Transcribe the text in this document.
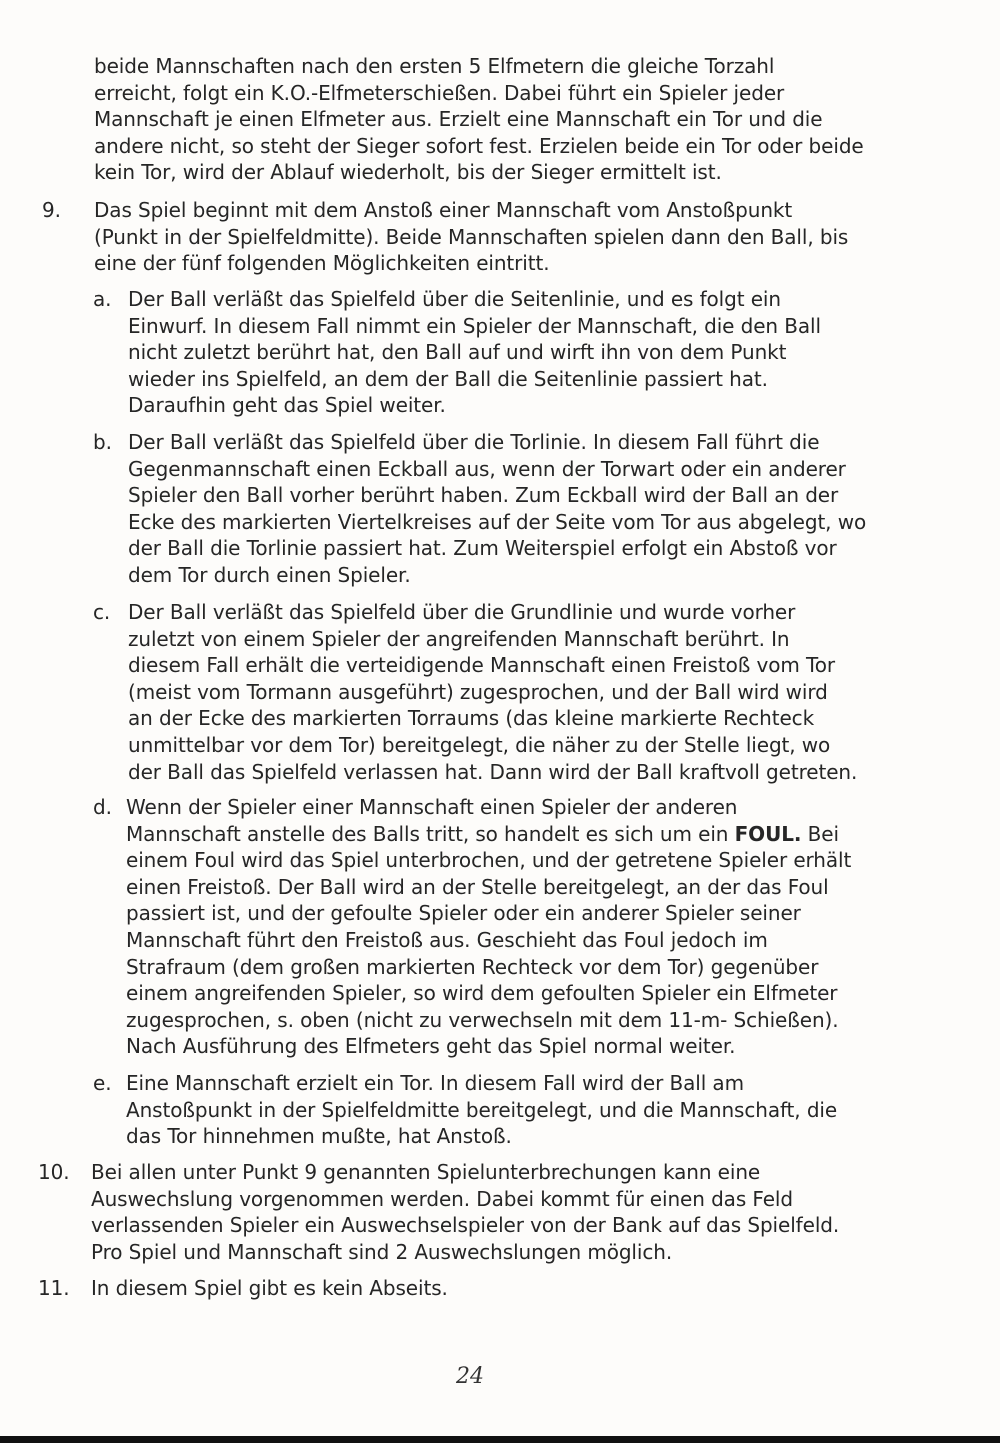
beide Mannschaften nach den ersten 5 Elfmetern die gleiche Torzahl
erreicht, folgt ein K.O.-Elfmeterschießen. Dabei führt ein Spieler jeder
Mannschaft je einen Elfmeter aus. Erzielt eine Mannschaft ein Tor und die
andere nicht, so steht der Sieger sofort fest. Erzielen beide ein Tor oder beide
kein Tor, wird der Ablauf wiederholt, bis der Sieger ermittelt ist.
9. Das Spiel beginnt mit dem Anstoß einer Mannschaft vom Anstoßpunkt
(Punkt in der Spielfeldmitte). Beide Mannschaften spielen dann den Ball, bis
eine der fünf folgenden Möglichkeiten eintritt.
a. Der Ball verläßt das Spielfeld über die Seitenlinie, und es folgt ein
Einwurf. In diesem Fall nimmt ein Spieler der Mannschaft, die den Ball
nicht zuletzt berührt hat, den Ball auf und wirft ihn von dem Punkt
wieder ins Spielfeld, an dem der Ball die Seitenlinie passiert hat.
Daraufhin geht das Spiel weiter.
b. Der Ball verläßt das Spielfeld über die Torlinie. In diesem Fall führt die
Gegenmannschaft einen Eckball aus, wenn der Torwart oder ein anderer
Spieler den Ball vorher berührt haben. Zum Eckball wird der Ball an der
Ecke des markierten Viertelkreises auf der Seite vom Tor aus abgelegt, wo
der Ball die Torlinie passiert hat. Zum Weiterspiel erfolgt ein Abstoß vor
dem Tor durch einen Spieler.
c. Der Ball verläßt das Spielfeld über die Grundlinie und wurde vorher
zuletzt von einem Spieler der angreifenden Mannschaft berührt. In
diesem Fall erhält die verteidigende Mannschaft einen Freistoß vom Tor
(meist vom Tormann ausgeführt) zugesprochen, und der Ball wird wird
an der Ecke des markierten Torraums (das kleine markierte Rechteck
unmittelbar vor dem Tor) bereitgelegt, die näher zu der Stelle liegt, wo
der Ball das Spielfeld verlassen hat. Dann wird der Ball kraftvoll getreten.
d. Wenn der Spieler einer Mannschaft einen Spieler der anderen
Mannschaft anstelle des Balls tritt, so handelt es sich um ein FOUL. Bei
einem Foul wird das Spiel unterbrochen, und der getretene Spieler erhält
einen Freistoß. Der Ball wird an der Stelle bereitgelegt, an der das Foul
passiert ist, und der gefoulte Spieler oder ein anderer Spieler seiner
Mannschaft führt den Freistoß aus. Geschieht das Foul jedoch im
Strafraum (dem großen markierten Rechteck vor dem Tor) gegenüber
einem angreifenden Spieler, so wird dem gefoulten Spieler ein Elfmeter
zugesprochen, s. oben (nicht zu verwechseln mit dem 11-m- Schießen).
Nach Ausführung des Elfmeters geht das Spiel normal weiter.
e. Eine Mannschaft erzielt ein Tor. In diesem Fall wird der Ball am
Anstoßpunkt in der Spielfeldmitte bereitgelegt, und die Mannschaft, die
das Tor hinnehmen mußte, hat Anstoß.
10. Bei allen unter Punkt 9 genannten Spielunterbrechungen kann eine
Auswechslung vorgenommen werden. Dabei kommt für einen das Feld
verlassenden Spieler ein Auswechselspieler von der Bank auf das Spielfeld.
Pro Spiel und Mannschaft sind 2 Auswechslungen möglich.
11. In diesem Spiel gibt es kein Abseits.
24
